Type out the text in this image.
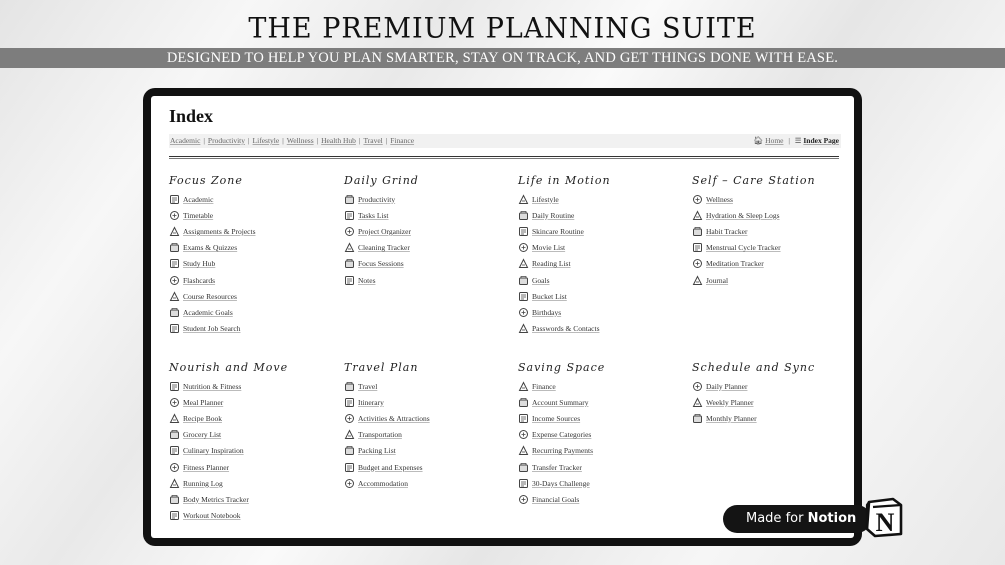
THE PREMIUM PLANNING SUITE
DESIGNED TO HELP YOU PLAN SMARTER, STAY ON TRACK, AND GET THINGS DONE WITH EASE.
Index
Academic | Productivity | Lifestyle | Wellness | Health Hub | Travel | Finance	🏠︎ Home | ☰ Index Page
Focus Zone
Academic
Timetable
Assignments & Projects
Exams & Quizzes
Study Hub
Flashcards
Course Resources
Academic Goals
Student Job Search
Daily Grind
Productivity
Tasks List
Project Organizer
Cleaning Tracker
Focus Sessions
Notes
Life in Motion
Lifestyle
Daily Routine
Skincare Routine
Movie List
Reading List
Goals
Bucket List
Birthdays
Passwords & Contacts
Self – Care Station
Wellness
Hydration & Sleep Logs
Habit Tracker
Menstrual Cycle Tracker
Meditation Tracker
Journal
Nourish and Move
Nutrition & Fitness
Meal Planner
Recipe Book
Grocery List
Culinary Inspiration
Fitness Planner
Running Log
Body Metrics Tracker
Workout Notebook
Travel Plan
Travel
Itinerary
Activities & Attractions
Transportation
Packing List
Budget and Expenses
Accommodation
Saving Space
Finance
Account Summary
Income Sources
Expense Categories
Recurring Payments
Transfer Tracker
30-Days Challenge
Financial Goals
Schedule and Sync
Daily Planner
Weekly Planner
Monthly Planner
Made for Notion N
